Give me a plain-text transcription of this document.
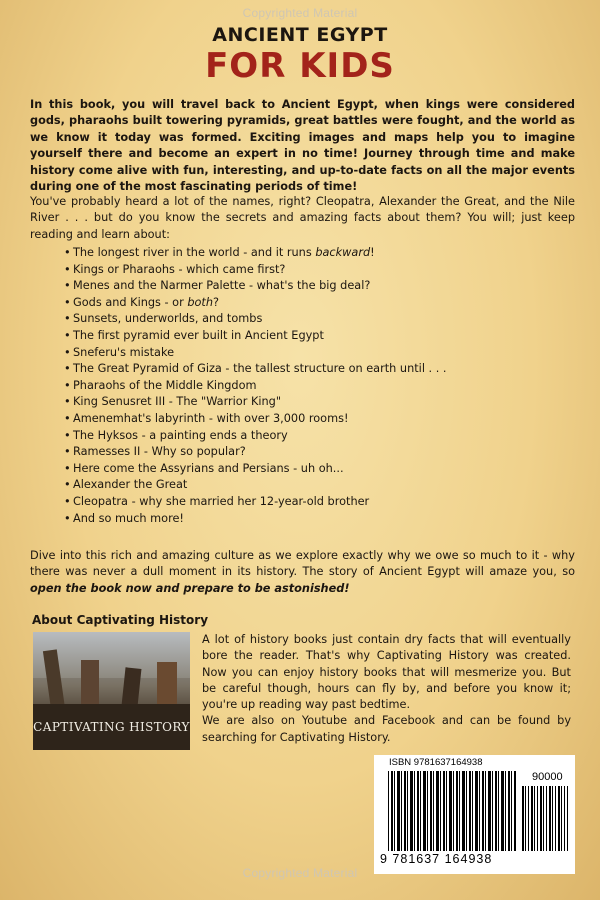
Copyrighted Material
ANCIENT EGYPT
FOR KIDS

In this book, you will travel back to Ancient Egypt, when kings were considered gods, pharaohs built towering pyramids, great battles were fought, and the world as we know it today was formed. Exciting images and maps help you to imagine yourself there and become an expert in no time! Journey through time and make history come alive with fun, interesting, and up-to-date facts on all the major events during one of the most fascinating periods of time!

You've probably heard a lot of the names, right? Cleopatra, Alexander the Great, and the Nile River . . . but do you know the secrets and amazing facts about them? You will; just keep reading and learn about:

• The longest river in the world - and it runs backward!
• Kings or Pharaohs - which came first?
• Menes and the Narmer Palette - what's the big deal?
• Gods and Kings - or both?
• Sunsets, underworlds, and tombs
• The first pyramid ever built in Ancient Egypt
• Sneferu's mistake
• The Great Pyramid of Giza - the tallest structure on earth until . . .
• Pharaohs of the Middle Kingdom
• King Senusret III - The "Warrior King"
• Amenemhat's labyrinth - with over 3,000 rooms!
• The Hyksos - a painting ends a theory
• Ramesses II - Why so popular?
• Here come the Assyrians and Persians - uh oh...
• Alexander the Great
• Cleopatra - why she married her 12-year-old brother
• And so much more!

Dive into this rich and amazing culture as we explore exactly why we owe so much to it - why there was never a dull moment in its history. The story of Ancient Egypt will amaze you, so open the book now and prepare to be astonished!

About Captivating History
CAPTIVATING HISTORY

A lot of history books just contain dry facts that will eventually bore the reader. That's why Captivating History was created. Now you can enjoy history books that will mesmerize you. But be careful though, hours can fly by, and before you know it; you're up reading way past bedtime.
We are also on Youtube and Facebook and can be found by searching for Captivating History.

ISBN 9781637164938
90000
9 781637 164938
Copyrighted Material
